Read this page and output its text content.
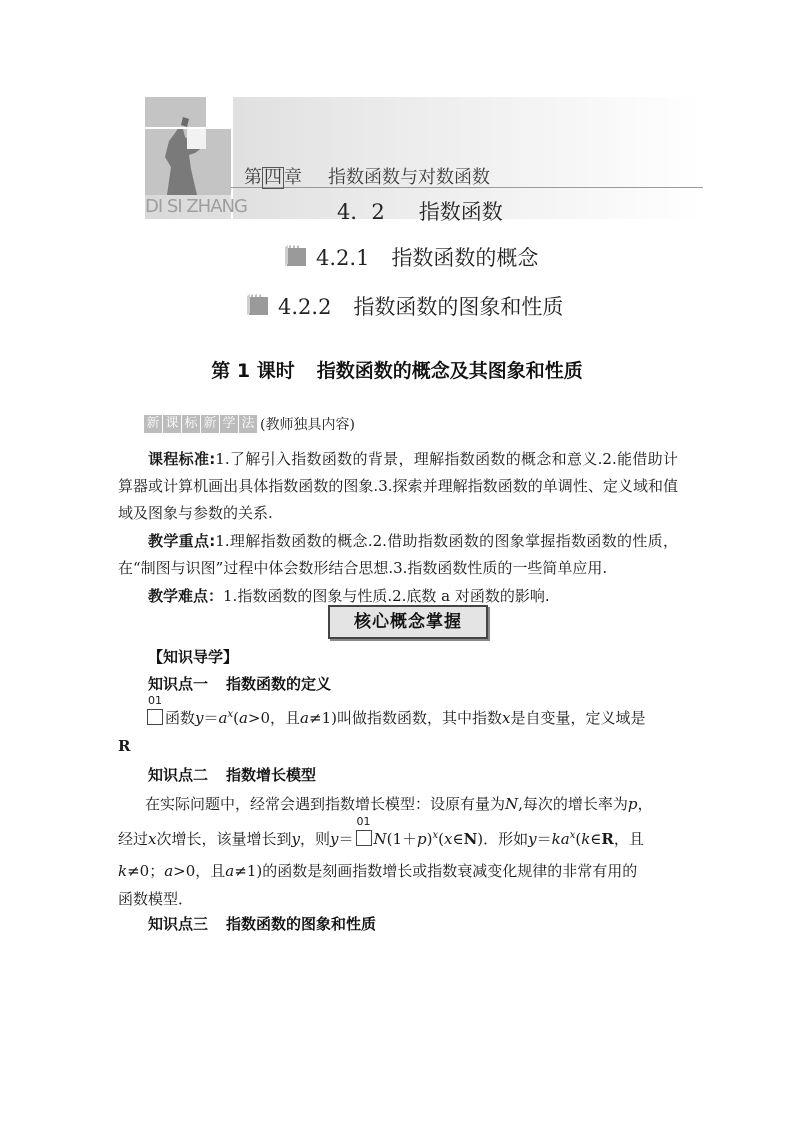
DI SI ZHANG
第 四 章 指数函数与对数函数
4．2 指数函数
4.2.1 指数函数的概念
4.2.2 指数函数的图象和性质
第 1 课时 指数函数的概念及其图象和性质
新 课 标 新 学 法 (教师独具内容)

课程标准:1.了解引入指数函数的背景，理解指数函数的概念和意义.2.能借助计算器或计算机画出具体指数函数的图象.3.探索并理解指数函数的单调性、定义域和值域及图象与参数的关系.

教学重点:1.理解指数函数的概念.2.借助指数函数的图象掌握指数函数的性质，在“制图与识图”过程中体会数形结合思想.3.指数函数性质的一些简单应用.

教学难点：1.指数函数的图象与性质.2.底数 a 对函数的影响.

核心概念掌握
【知识导学】
知识点一 指数函数的定义
01
函数$y=a^x(a>0$，且a≠1)叫做指数函数，其中指数x是自变量，定义域是
R
知识点二 指数增长模型
在实际问题中，经常会遇到指数增长模型：设原有量为N,每次的增长率为p，
经过x次增长，该量增长到y，则y＝
01
$N(1+p)^x(x\in N)$．形如$y=ka^x(k\in R$，且
k≠0；a>0，且a≠1)的函数是刻画指数增长或指数衰减变化规律的非常有用的
函数模型．
知识点三 指数函数的图象和性质
